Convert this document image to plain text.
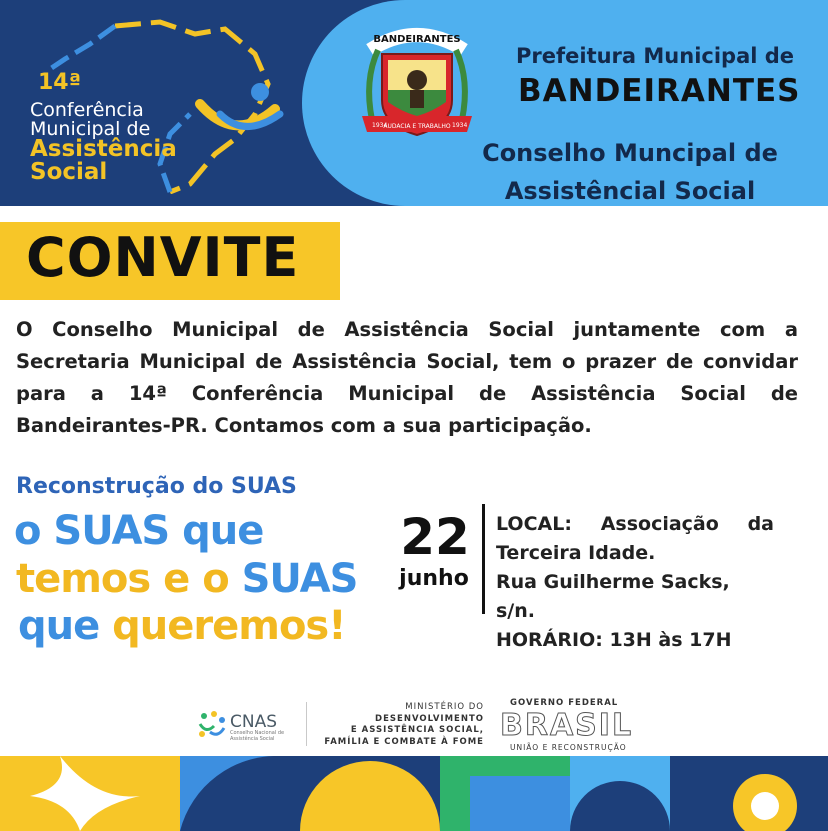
14ª
Conferência
Municipal de
Assistência
Social
BANDEIRANTES
AUDACIA E TRABALHO
1934	1934
Prefeitura Municipal de
BANDEIRANTES
Conselho Muncipal de
Assistêncial Social
CONVITE
O Conselho Municipal de Assistência Social juntamente com a Secretaria Municipal de Assistência Social, tem o prazer de convidar para a 14ª Conferência Municipal de Assistência Social de Bandeirantes-PR. Contamos com a sua participação.
Reconstrução do SUAS
o SUAS que
temos e o SUAS
que queremos!
22
junho
LOCAL: Associação da
Terceira Idade.
Rua Guilherme Sacks, s/n.
HORÁRIO: 13H às 17H
CNAS
Conselho Nacional de Assistência Social
MINISTÉRIO DO
DESENVOLVIMENTO
E ASSISTÊNCIA SOCIAL,
FAMÍLIA E COMBATE À FOME
GOVERNO FEDERAL
BRASIL
UNIÃO E RECONSTRUÇÃO
